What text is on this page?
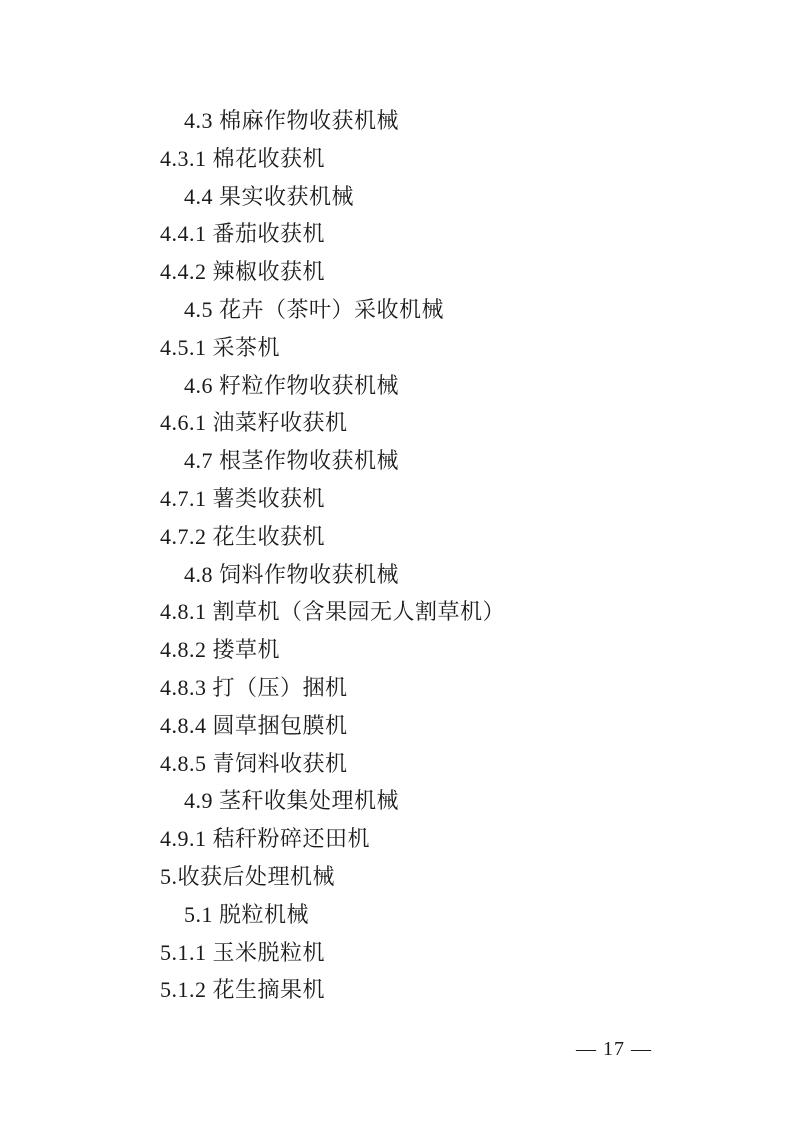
4.3 棉麻作物收获机械
4.3.1 棉花收获机
4.4 果实收获机械
4.4.1 番茄收获机
4.4.2 辣椒收获机
4.5 花卉（茶叶）采收机械
4.5.1 采茶机
4.6 籽粒作物收获机械
4.6.1 油菜籽收获机
4.7 根茎作物收获机械
4.7.1 薯类收获机
4.7.2 花生收获机
4.8 饲料作物收获机械
4.8.1 割草机（含果园无人割草机）
4.8.2 搂草机
4.8.3 打（压）捆机
4.8.4 圆草捆包膜机
4.8.5 青饲料收获机
4.9 茎秆收集处理机械
4.9.1 秸秆粉碎还田机
5.收获后处理机械
5.1 脱粒机械
5.1.1 玉米脱粒机
5.1.2 花生摘果机
— 17 —
